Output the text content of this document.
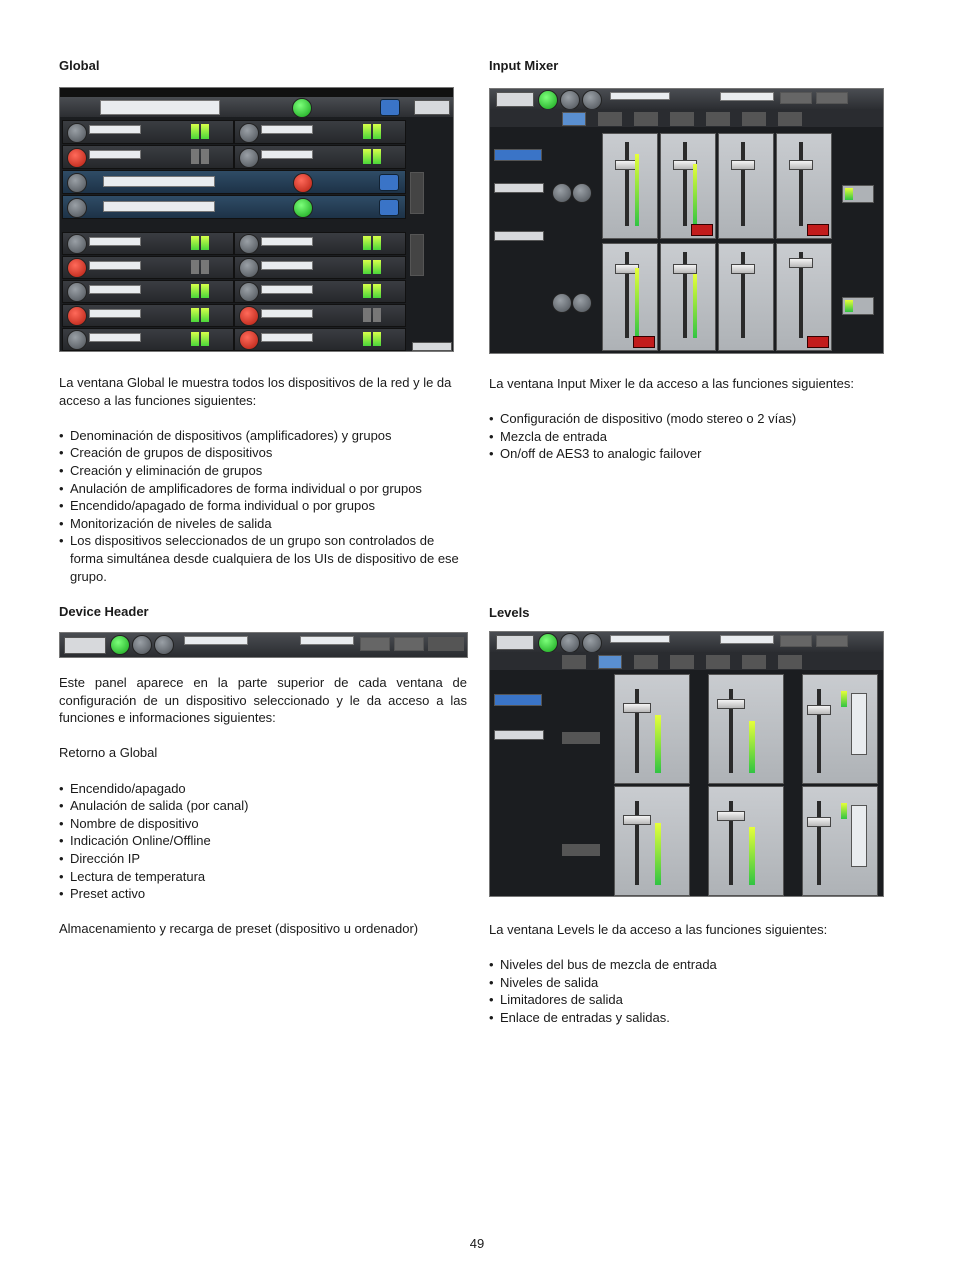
Global

La ventana Global le muestra todos los dispositivos de la red y le da acceso a las funciones siguientes:

• Denominación de dispositivos (amplificadores) y grupos
• Creación de grupos de dispositivos
• Creación y eliminación de grupos
• Anulación de amplificadores de forma individual o por grupos
• Encendido/apagado de forma individual o por grupos
• Monitorización de niveles de salida
• Los dispositivos seleccionados de un grupo son controlados de forma simultánea desde cualquiera de los UIs de dispositivo de ese grupo.
Input Mixer

La ventana Input Mixer le da acceso a las funciones siguientes:

• Configuración de dispositivo (modo stereo o 2 vías)
• Mezcla de entrada
• On/off de AES3 to analogic failover
Device Header

Este panel aparece en la parte superior de cada ventana de configuración de un dispositivo seleccionado y le da acceso a las funciones e informaciones siguientes:

Retorno a Global

• Encendido/apagado
• Anulación de salida (por canal)
• Nombre de dispositivo
• Indicación Online/Offline
• Dirección IP
• Lectura de temperatura
• Preset activo

Almacenamiento y recarga de preset (dispositivo u ordenador)

Levels

La ventana Levels le da acceso a las funciones siguientes:

• Niveles del bus de mezcla de entrada
• Niveles de salida
• Limitadores de salida
• Enlace de entradas y salidas.
49
